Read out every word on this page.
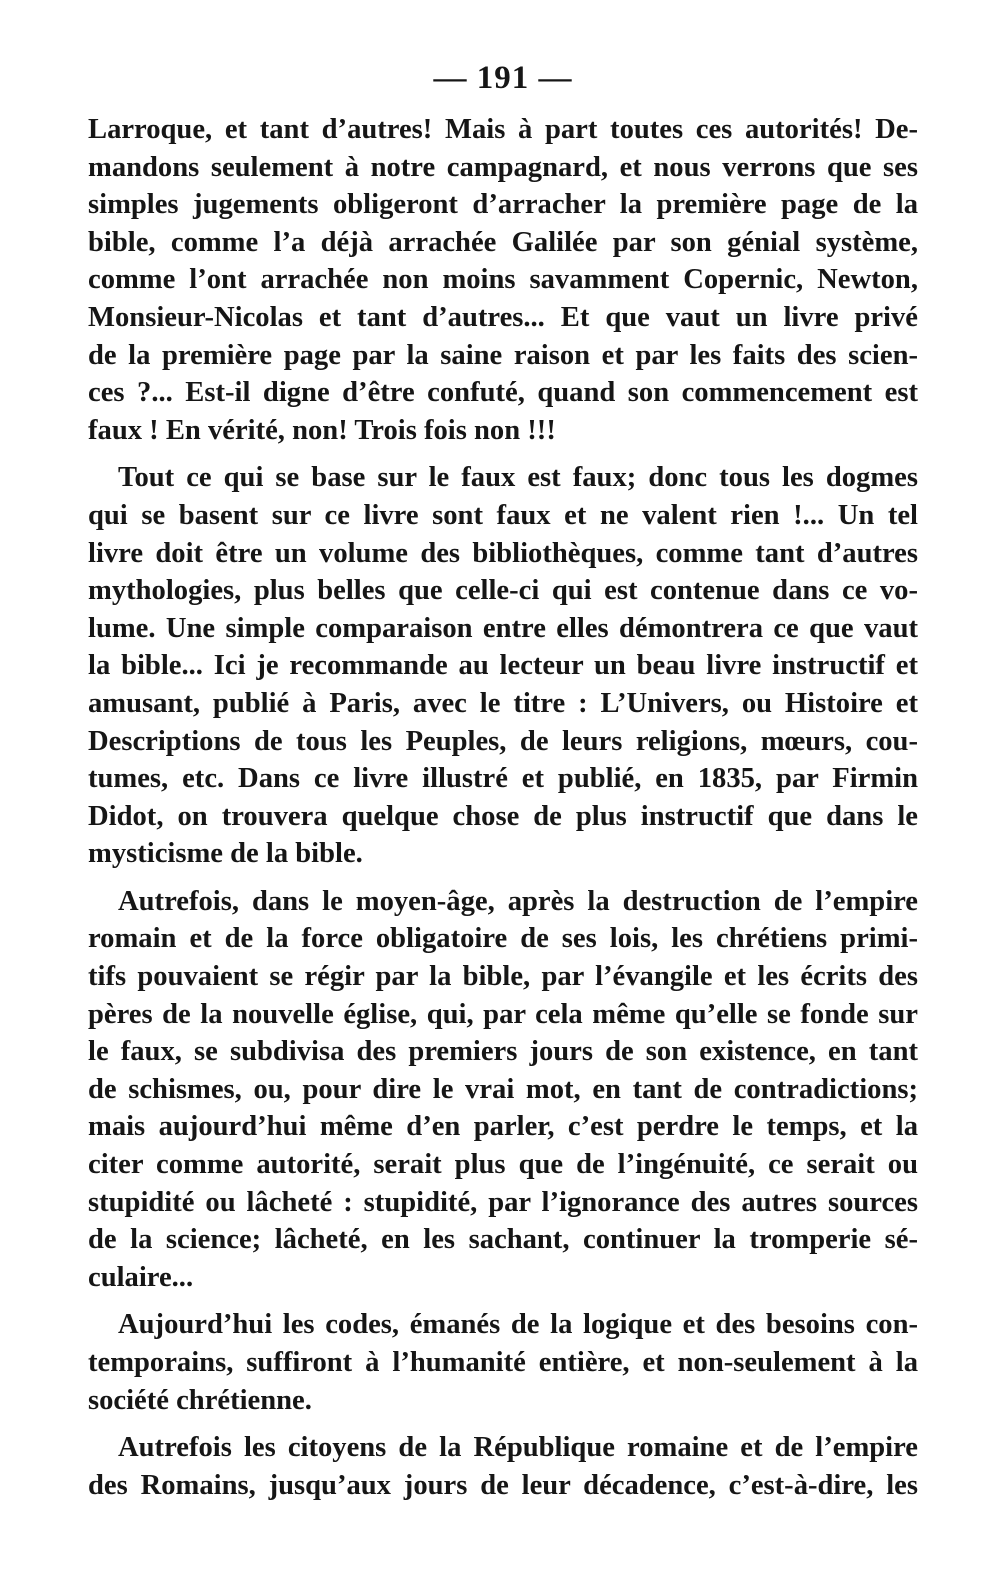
— 191 —
Larroque, et tant d’autres! Mais à part toutes ces autorités! De-
mandons seulement à notre campagnard, et nous verrons que ses
simples jugements obligeront d’arracher la première page de la
bible, comme l’a déjà arrachée Galilée par son génial système,
comme l’ont arrachée non moins savamment Copernic, Newton,
Monsieur-Nicolas et tant d’autres... Et que vaut un livre privé
de la première page par la saine raison et par les faits des scien-
ces ?... Est-il digne d’être confuté, quand son commencement est
faux ! En vérité, non! Trois fois non !!!
Tout ce qui se base sur le faux est faux; donc tous les dogmes
qui se basent sur ce livre sont faux et ne valent rien !... Un tel
livre doit être un volume des bibliothèques, comme tant d’autres
mythologies, plus belles que celle-ci qui est contenue dans ce vo-
lume. Une simple comparaison entre elles démontrera ce que vaut
la bible... Ici je recommande au lecteur un beau livre instructif et
amusant, publié à Paris, avec le titre : L’Univers, ou Histoire et
Descriptions de tous les Peuples, de leurs religions, mœurs, cou-
tumes, etc. Dans ce livre illustré et publié, en 1835, par Firmin
Didot, on trouvera quelque chose de plus instructif que dans le
mysticisme de la bible.
Autrefois, dans le moyen-âge, après la destruction de l’empire
romain et de la force obligatoire de ses lois, les chrétiens primi-
tifs pouvaient se régir par la bible, par l’évangile et les écrits des
pères de la nouvelle église, qui, par cela même qu’elle se fonde sur
le faux, se subdivisa des premiers jours de son existence, en tant
de schismes, ou, pour dire le vrai mot, en tant de contradictions;
mais aujourd’hui même d’en parler, c’est perdre le temps, et la
citer comme autorité, serait plus que de l’ingénuité, ce serait ou
stupidité ou lâcheté : stupidité, par l’ignorance des autres sources
de la science; lâcheté, en les sachant, continuer la tromperie sé-
culaire...
Aujourd’hui les codes, émanés de la logique et des besoins con-
temporains, suffiront à l’humanité entière, et non-seulement à la
société chrétienne.
Autrefois les citoyens de la République romaine et de l’empire
des Romains, jusqu’aux jours de leur décadence, c’est-à-dire, les
